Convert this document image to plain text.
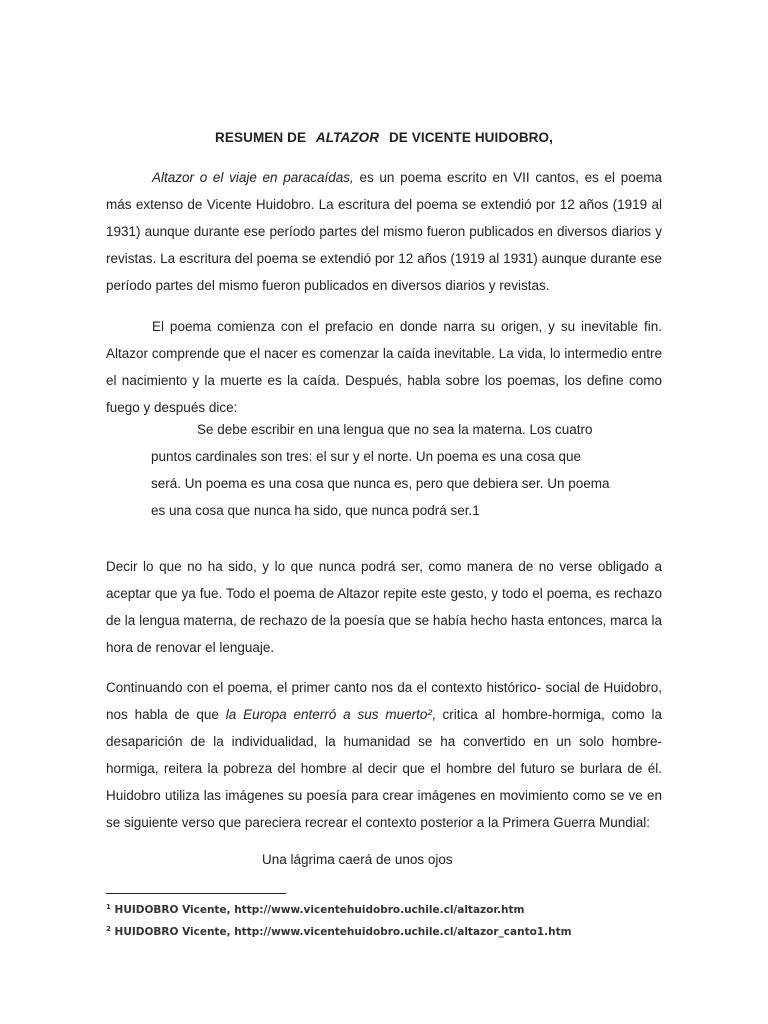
RESUMEN DE ALTAZOR DE VICENTE HUIDOBRO,

Altazor o el viaje en paracaídas, es un poema escrito en VII cantos, es el poema más extenso de Vicente Huidobro. La escritura del poema se extendió por 12 años (1919 al 1931) aunque durante ese período partes del mismo fueron publicados en diversos diarios y revistas. La escritura del poema se extendió por 12 años (1919 al 1931) aunque durante ese período partes del mismo fueron publicados en diversos diarios y revistas.

El poema comienza con el prefacio en donde narra su origen, y su inevitable fin. Altazor comprende que el nacer es comenzar la caída inevitable. La vida, lo intermedio entre el nacimiento y la muerte es la caída. Después, habla sobre los poemas, los define como fuego y después dice:

Se debe escribir en una lengua que no sea la materna. Los cuatro puntos cardinales son tres: el sur y el norte. Un poema es una cosa que será. Un poema es una cosa que nunca es, pero que debiera ser. Un poema es una cosa que nunca ha sido, que nunca podrá ser.1

Decir lo que no ha sido, y lo que nunca podrá ser, como manera de no verse obligado a aceptar que ya fue. Todo el poema de Altazor repite este gesto, y todo el poema, es rechazo de la lengua materna, de rechazo de la poesía que se había hecho hasta entonces, marca la hora de renovar el lenguaje.

Continuando con el poema, el primer canto nos da el contexto histórico- social de Huidobro, nos habla de que la Europa enterró a sus muerto², critica al hombre-hormiga, como la desaparición de la individualidad, la humanidad se ha convertido en un solo hombre-hormiga, reitera la pobreza del hombre al decir que el hombre del futuro se burlara de él. Huidobro utiliza las imágenes su poesía para crear imágenes en movimiento como se ve en se siguiente verso que pareciera recrear el contexto posterior a la Primera Guerra Mundial:

Una lágrima caerá de unos ojos

$^1$ HUIDOBRO Vicente, http://www.vicentehuidobro.uchile.cl/altazor.htm
$^2$ HUIDOBRO Vicente, http://www.vicentehuidobro.uchile.cl/altazor_canto1.htm
